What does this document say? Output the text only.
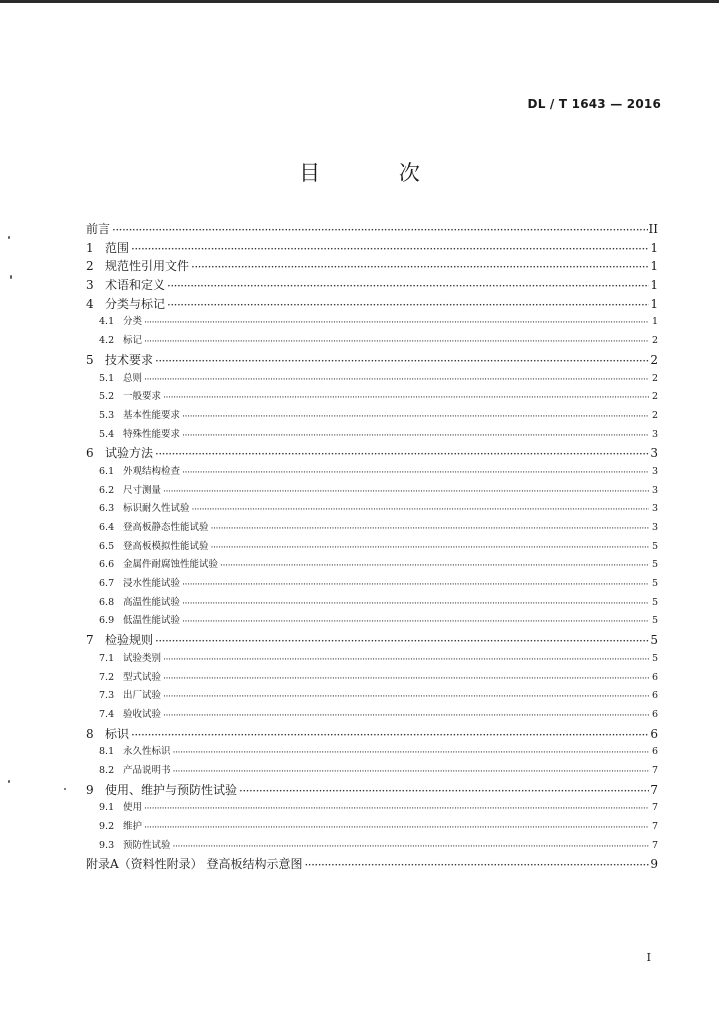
DL / T 1643 — 2016
目 次
前言 ·····	II
1 范围 ·····	1
2 规范性引用文件 ·····	1
3 术语和定义 ·····	1
4 分类与标记 ·····	1
4.1 分类 ·····	1
4.2 标记 ·····	2
5 技术要求 ·····	2
5.1 总则 ·····	2
5.2 一般要求 ·····	2
5.3 基本性能要求 ·····	2
5.4 特殊性能要求 ·····	3
6 试验方法 ·····	3
6.1 外观结构检查 ·····	3
6.2 尺寸测量 ·····	3
6.3 标识耐久性试验 ·····	3
6.4 登高板静态性能试验 ·····	3
6.5 登高板模拟性能试验 ·····	5
6.6 金属件耐腐蚀性能试验 ·····	5
6.7 浸水性能试验 ·····	5
6.8 高温性能试验 ·····	5
6.9 低温性能试验 ·····	5
7 检验规则 ·····	5
7.1 试验类别 ·····	5
7.2 型式试验 ·····	6
7.3 出厂试验 ·····	6
7.4 验收试验 ·····	6
8 标识 ·····	6
8.1 永久性标识 ·····	6
8.2 产品说明书 ·····	7
9 使用、维护与预防性试验 ·····	7
9.1 使用 ·····	7
9.2 维护 ·····	7
9.3 预防性试验 ·····	7
附录A（资料性附录） 登高板结构示意图 ·····	9
I
